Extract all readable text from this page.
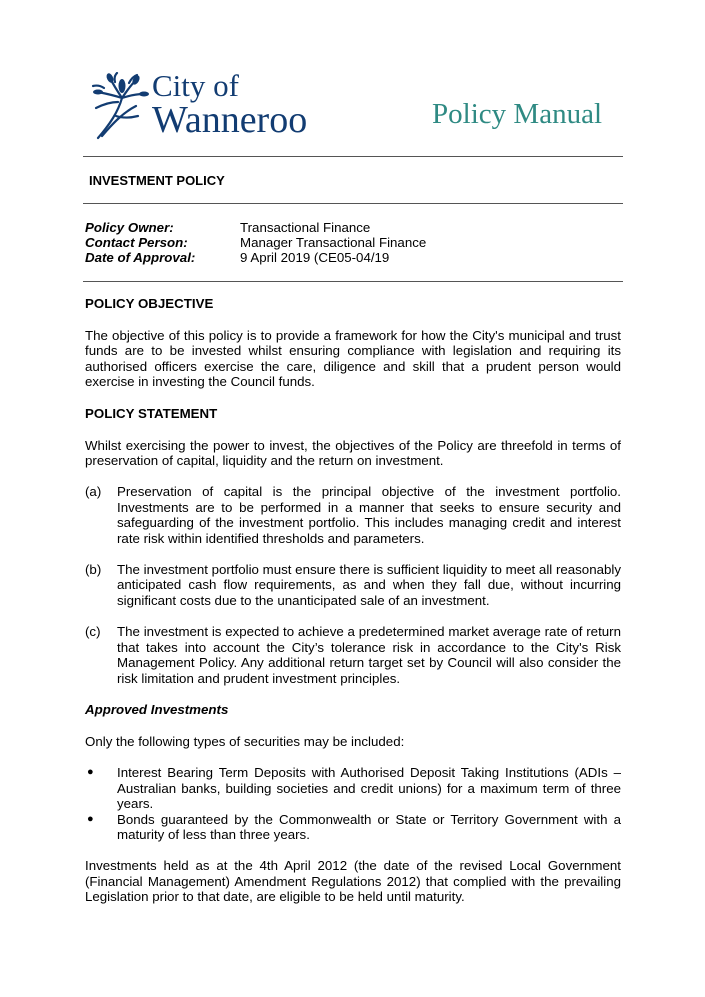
City of
Wanneroo	Policy Manual
INVESTMENT POLICY
Policy Owner:	Transactional Finance
Contact Person:	Manager Transactional Finance
Date of Approval:	9 April 2019 (CE05-04/19
POLICY OBJECTIVE

The objective of this policy is to provide a framework for how the City's municipal and trust funds are to be invested whilst ensuring compliance with legislation and requiring its authorised officers exercise the care, diligence and skill that a prudent person would exercise in investing the Council funds.

POLICY STATEMENT

Whilst exercising the power to invest, the objectives of the Policy are threefold in terms of preservation of capital, liquidity and the return on investment.

(a)	Preservation of capital is the principal objective of the investment portfolio. Investments are to be performed in a manner that seeks to ensure security and safeguarding of the investment portfolio. This includes managing credit and interest rate risk within identified thresholds and parameters.
(b)	The investment portfolio must ensure there is sufficient liquidity to meet all reasonably anticipated cash flow requirements, as and when they fall due, without incurring significant costs due to the unanticipated sale of an investment.
(c)	The investment is expected to achieve a predetermined market average rate of return that takes into account the City’s tolerance risk in accordance to the City's Risk Management Policy. Any additional return target set by Council will also consider the risk limitation and prudent investment principles.
Approved Investments

Only the following types of securities may be included:

●	Interest Bearing Term Deposits with Authorised Deposit Taking Institutions (ADIs – Australian banks, building societies and credit unions) for a maximum term of three years.
●	Bonds guaranteed by the Commonwealth or State or Territory Government with a maturity of less than three years.

Investments held as at the 4th April 2012 (the date of the revised Local Government (Financial Management) Amendment Regulations 2012) that complied with the prevailing Legislation prior to that date, are eligible to be held until maturity.
